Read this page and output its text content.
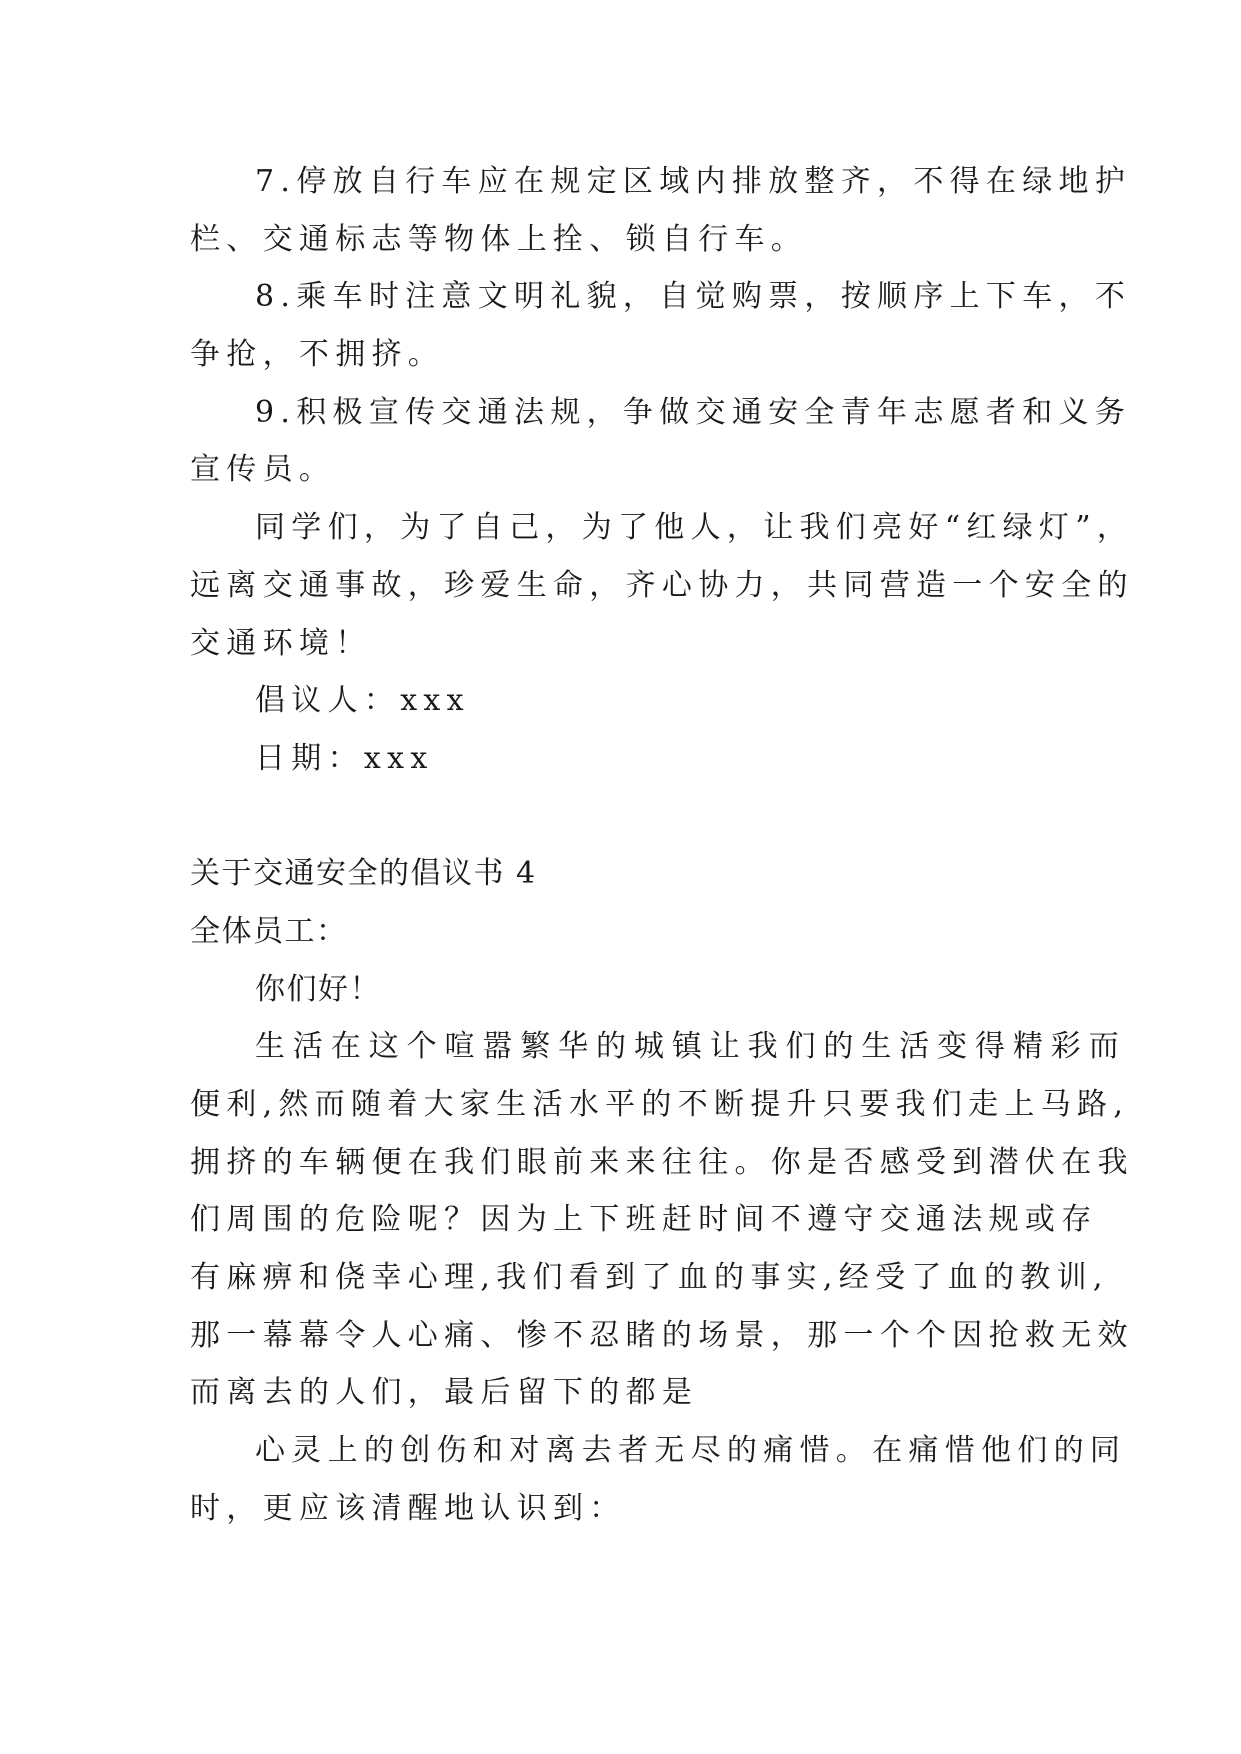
7.停放自行车应在规定区域内排放整齐，不得在绿地护
栏、交通标志等物体上拴、锁自行车。
8.乘车时注意文明礼貌，自觉购票，按顺序上下车，不
争抢，不拥挤。
9.积极宣传交通法规，争做交通安全青年志愿者和义务
宣传员。
同学们，为了自己，为了他人，让我们亮好“红绿灯”，
远离交通事故，珍爱生命，齐心协力，共同营造一个安全的
交通环境！
倡议人：xxx
日期：xxx
关于交通安全的倡议书 4
全体员工：
你们好！
生活在这个喧嚣繁华的城镇让我们的生活变得精彩而
便利,然而随着大家生活水平的不断提升只要我们走上马路,
拥挤的车辆便在我们眼前来来往往。你是否感受到潜伏在我
们周围的危险呢？因为上下班赶时间不遵守交通法规或存
有麻痹和侥幸心理,我们看到了血的事实,经受了血的教训,
那一幕幕令人心痛、惨不忍睹的场景，那一个个因抢救无效
而离去的人们，最后留下的都是
心灵上的创伤和对离去者无尽的痛惜。在痛惜他们的同
时，更应该清醒地认识到：
